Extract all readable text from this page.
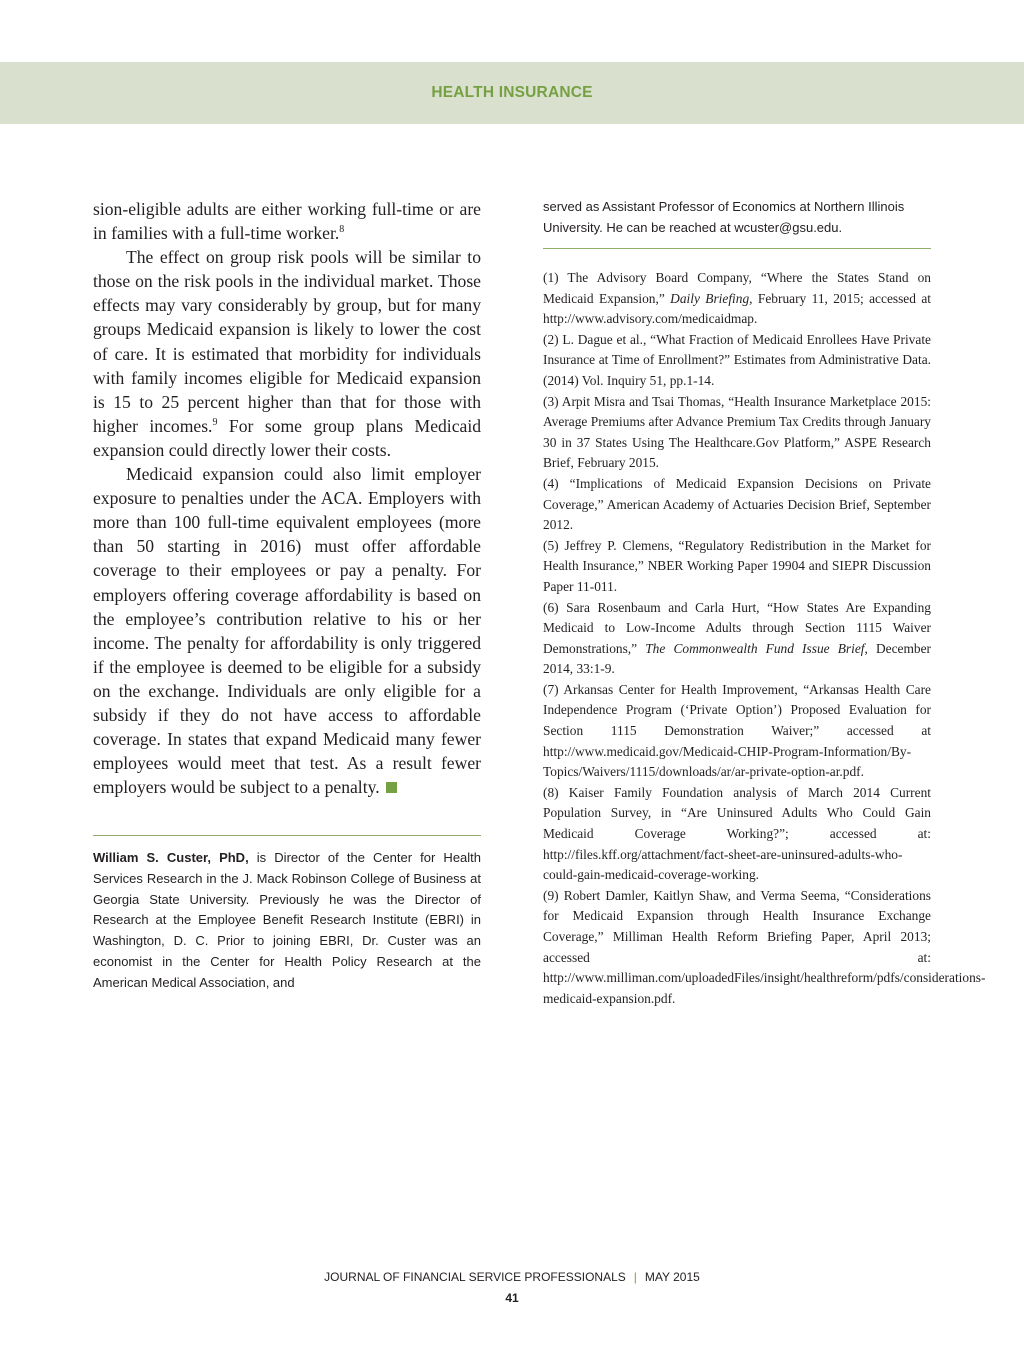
HEALTH INSURANCE

sion-eligible adults are either working full-time or are in families with a full-time worker.$^8$

The effect on group risk pools will be similar to those on the risk pools in the individual market. Those effects may vary considerably by group, but for many groups Medicaid expansion is likely to lower the cost of care. It is estimated that morbidity for individuals with family incomes eligible for Medicaid expansion is 15 to 25 percent higher than that for those with higher incomes.$^9$ For some group plans Medicaid expansion could directly lower their costs.

Medicaid expansion could also limit employer exposure to penalties under the ACA. Employers with more than 100 full-time equivalent employees (more than 50 starting in 2016) must offer affordable coverage to their employees or pay a penalty. For employers offering coverage affordability is based on the employee’s contribution relative to his or her income. The penalty for affordability is only triggered if the employee is deemed to be eligible for a subsidy on the exchange. Individuals are only eligible for a subsidy if they do not have access to affordable coverage. In states that expand Medicaid many fewer employees would meet that test. As a result fewer employers would be subject to a penalty.

William S. Custer, PhD, is Director of the Center for Health Services Research in the J. Mack Robinson College of Business at Georgia State University. Previously he was the Director of Research at the Employee Benefit Research Institute (EBRI) in Washington, D. C. Prior to joining EBRI, Dr. Custer was an economist in the Center for Health Policy Research at the American Medical Association, and

served as Assistant Professor of Economics at Northern Illinois University. He can be reached at wcuster@gsu.edu.

(1) The Advisory Board Company, “Where the States Stand on Medicaid Expansion,” Daily Briefing, February 11, 2015; accessed at http://www.advisory.com/medicaidmap.

(2) L. Dague et al., “What Fraction of Medicaid Enrollees Have Private Insurance at Time of Enrollment?” Estimates from Administrative Data. (2014) Vol. Inquiry 51, pp.1-14.

(3) Arpit Misra and Tsai Thomas, “Health Insurance Marketplace 2015: Average Premiums after Advance Premium Tax Credits through January 30 in 37 States Using The Healthcare.Gov Platform,” ASPE Research Brief, February 2015.

(4) “Implications of Medicaid Expansion Decisions on Private Coverage,” American Academy of Actuaries Decision Brief, September 2012.

(5) Jeffrey P. Clemens, “Regulatory Redistribution in the Market for Health Insurance,” NBER Working Paper 19904 and SIEPR Discussion Paper 11-011.

(6) Sara Rosenbaum and Carla Hurt, “How States Are Expanding Medicaid to Low-Income Adults through Section 1115 Waiver Demonstrations,” The Commonwealth Fund Issue Brief, December 2014, 33:1-9.

(7) Arkansas Center for Health Improvement, “Arkansas Health Care Independence Program (‘Private Option’) Proposed Evaluation for Section 1115 Demonstration Waiver;” accessed at http://www.medicaid.gov/Medicaid-CHIP-Program-Information/By-Topics/Waivers/1115/downloads/ar/ar-private-option-ar.pdf.

(8) Kaiser Family Foundation analysis of March 2014 Current Population Survey, in “Are Uninsured Adults Who Could Gain Medicaid Coverage Working?”; accessed at: http://files.kff.org/attachment/fact-sheet-are-uninsured-adults-who-could-gain-medicaid-coverage-working.

(9) Robert Damler, Kaitlyn Shaw, and Verma Seema, “Considerations for Medicaid Expansion through Health Insurance Exchange Coverage,” Milliman Health Reform Briefing Paper, April 2013; accessed at: http://www.milliman.com/uploadedFiles/insight/healthreform/pdfs/considerations-medicaid-expansion.pdf.

JOURNAL OF FINANCIAL SERVICE PROFESSIONALS | MAY 2015
41
